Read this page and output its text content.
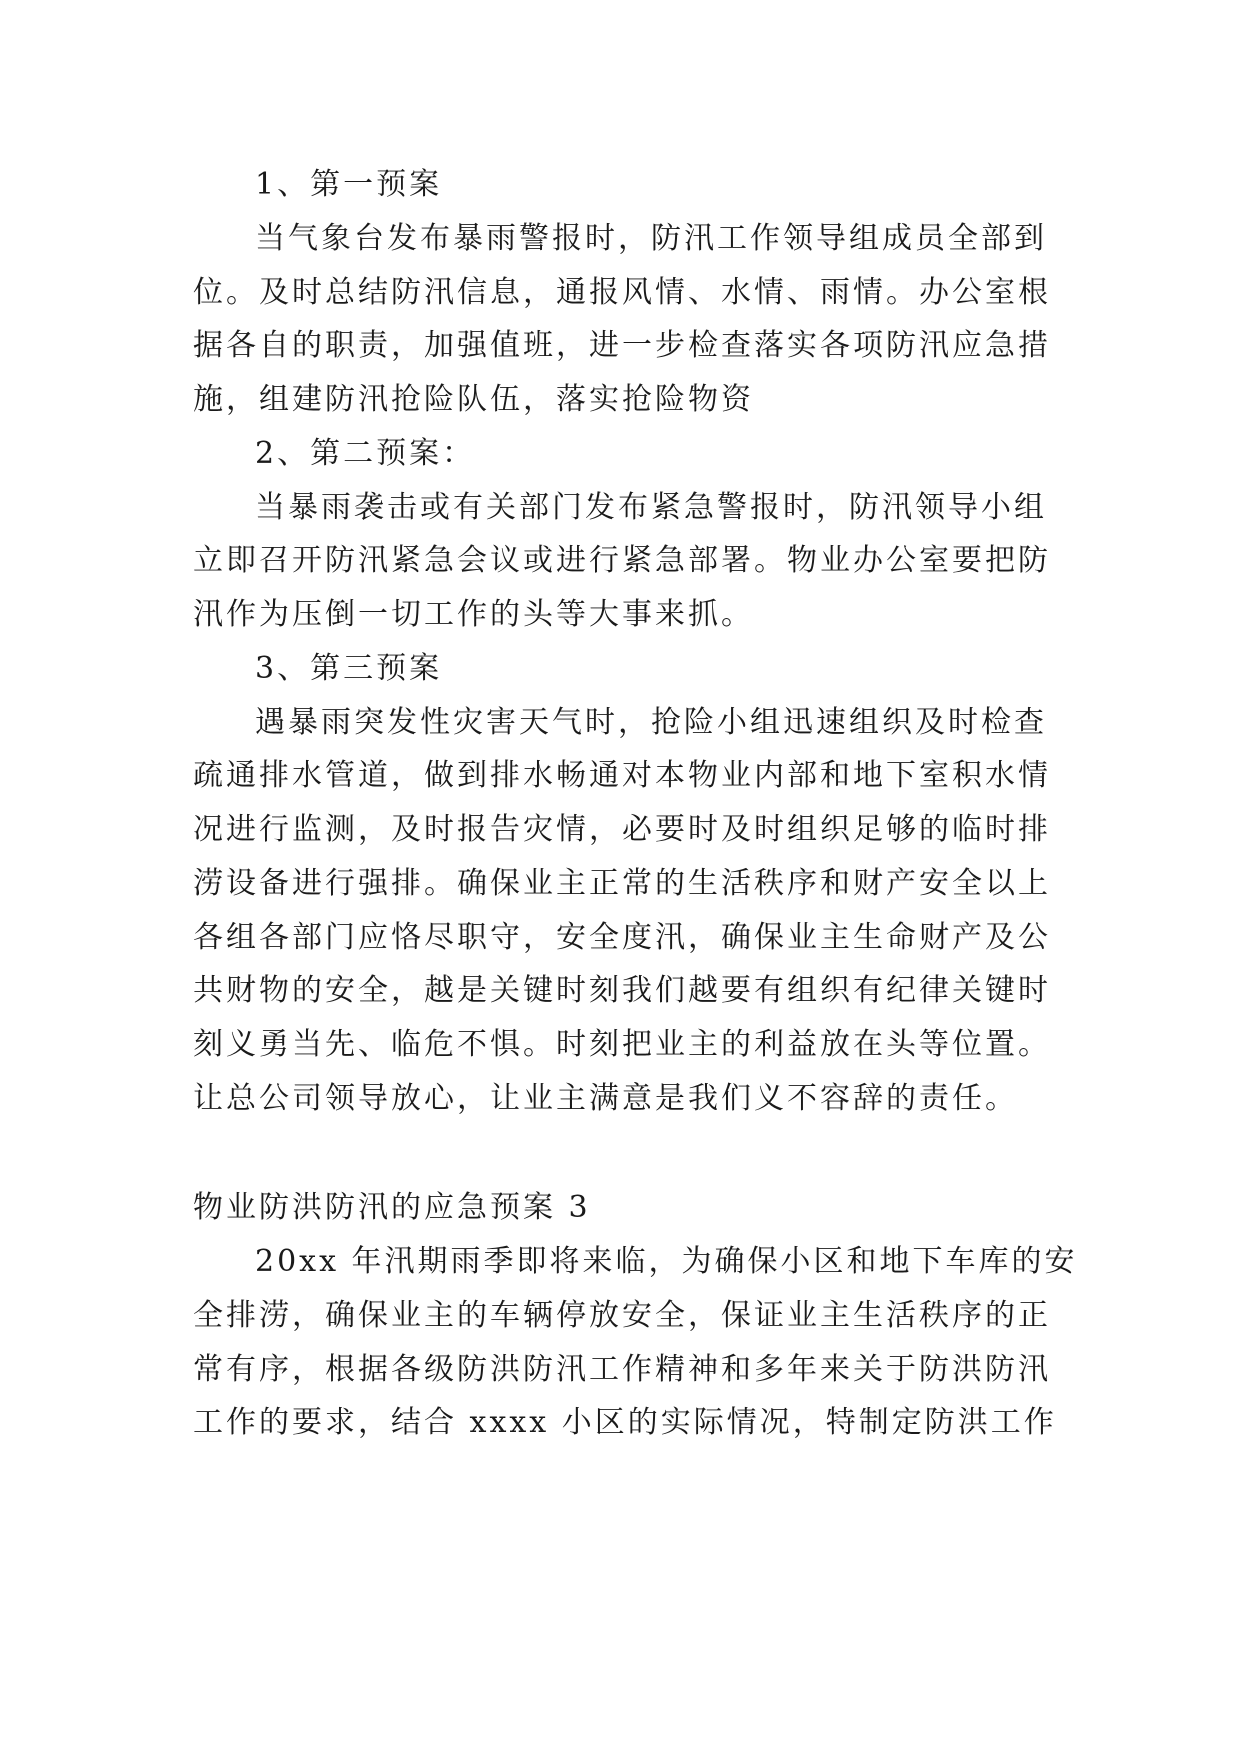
1、第一预案
当气象台发布暴雨警报时，防汛工作领导组成员全部到
位。及时总结防汛信息，通报风情、水情、雨情。办公室根
据各自的职责，加强值班，进一步检查落实各项防汛应急措
施，组建防汛抢险队伍，落实抢险物资
2、第二预案：
当暴雨袭击或有关部门发布紧急警报时，防汛领导小组
立即召开防汛紧急会议或进行紧急部署。物业办公室要把防
汛作为压倒一切工作的头等大事来抓。
3、第三预案
遇暴雨突发性灾害天气时，抢险小组迅速组织及时检查
疏通排水管道，做到排水畅通对本物业内部和地下室积水情
况进行监测，及时报告灾情，必要时及时组织足够的临时排
涝设备进行强排。确保业主正常的生活秩序和财产安全以上
各组各部门应恪尽职守，安全度汛，确保业主生命财产及公
共财物的安全，越是关键时刻我们越要有组织有纪律关键时
刻义勇当先、临危不惧。时刻把业主的利益放在头等位置。
让总公司领导放心，让业主满意是我们义不容辞的责任。
物业防洪防汛的应急预案 3
20xx 年汛期雨季即将来临，为确保小区和地下车库的安
全排涝，确保业主的车辆停放安全，保证业主生活秩序的正
常有序，根据各级防洪防汛工作精神和多年来关于防洪防汛
工作的要求，结合 xxxx 小区的实际情况，特制定防洪工作
